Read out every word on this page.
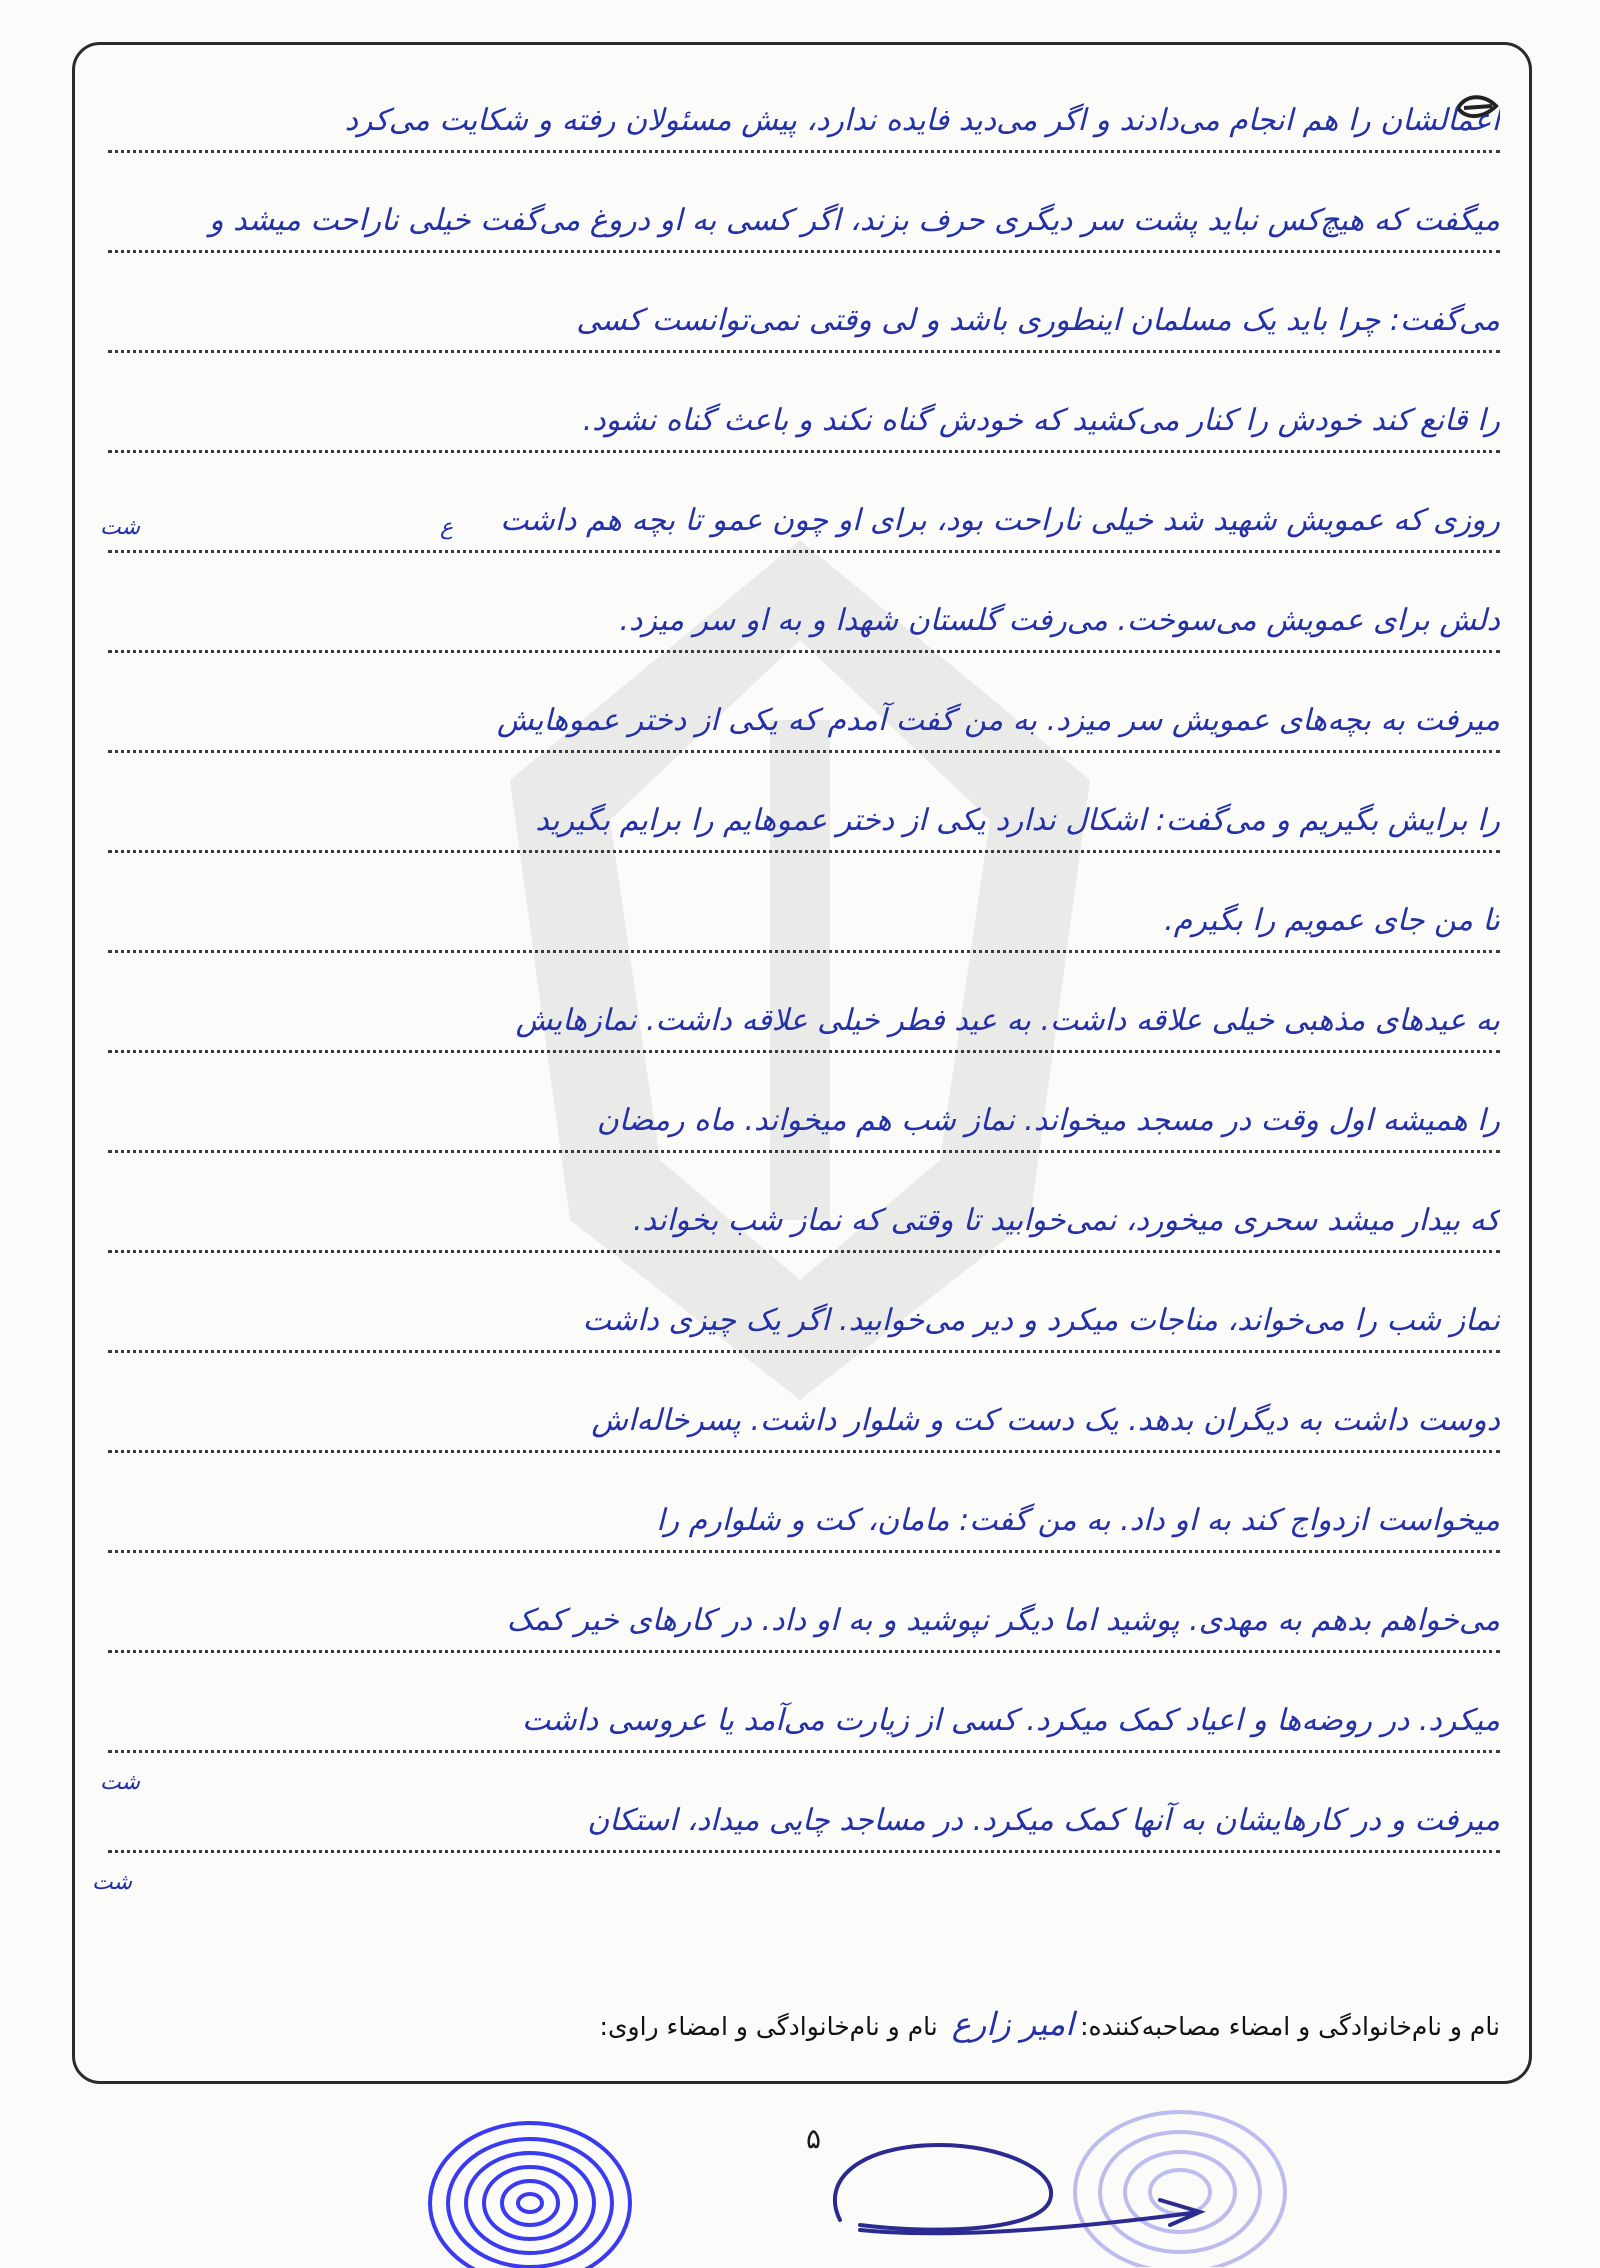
اعمالشان را هم انجام می‌دادند و اگر می‌دید فایده ندارد، پیش مسئولان رفته و شکایت می‌کرد
میگفت که هیچ‌کس نباید پشت سر دیگری حرف بزند، اگر کسی به او دروغ می‌گفت خیلی ناراحت میشد و
می‌گفت: چرا باید یک مسلمان اینطوری باشد و لی وقتی نمی‌توانست کسی
را قانع کند خودش را کنار می‌کشید که خودش گناه نکند و باعث گناه نشود.
روزی که عمویش شهید شد خیلی ناراحت بود، برای او چون عمو تا بچه هم داشت
دلش برای عمویش می‌سوخت. می‌رفت گلستان شهدا و به او سر میزد.
میرفت به بچه‌های عمویش سر میزد. به من گفت آمدم که یکی از دختر عموهایش
را برایش بگیریم و می‌گفت: اشکال ندارد یکی از دختر عموهایم را برایم بگیرید
تا من جای عمویم را بگیرم.
به عیدهای مذهبی خیلی علاقه داشت. به عید فطر خیلی علاقه داشت. نمازهایش
را همیشه اول وقت در مسجد میخواند. نماز شب هم میخواند. ماه رمضان
که بیدار میشد سحری میخورد، نمی‌خوابید تا وقتی که نماز شب بخواند.
نماز شب را می‌خواند، مناجات میکرد و دیر می‌خوابید. اگر یک چیزی داشت
دوست داشت به دیگران بدهد. یک دست کت و شلوار داشت. پسرخاله‌اش
میخواست ازدواج کند به او داد. به من گفت: مامان، کت و شلوارم را
می‌خواهم بدهم به مهدی. پوشید اما دیگر نپوشید و به او داد. در کارهای خیر کمک
میکرد. در روضه‌ها و اعیاد کمک میکرد. کسی از زیارت می‌آمد یا عروسی داشت
میرفت و در کارهایشان به آنها کمک میکرد. در مساجد چایی میداد، استکان
شت	ع
شت
شت
نام و نام‌خانوادگی و امضاء مصاحبه‌کننده:امیر زارع نام و نام‌خانوادگی و امضاء راوی:
۵
